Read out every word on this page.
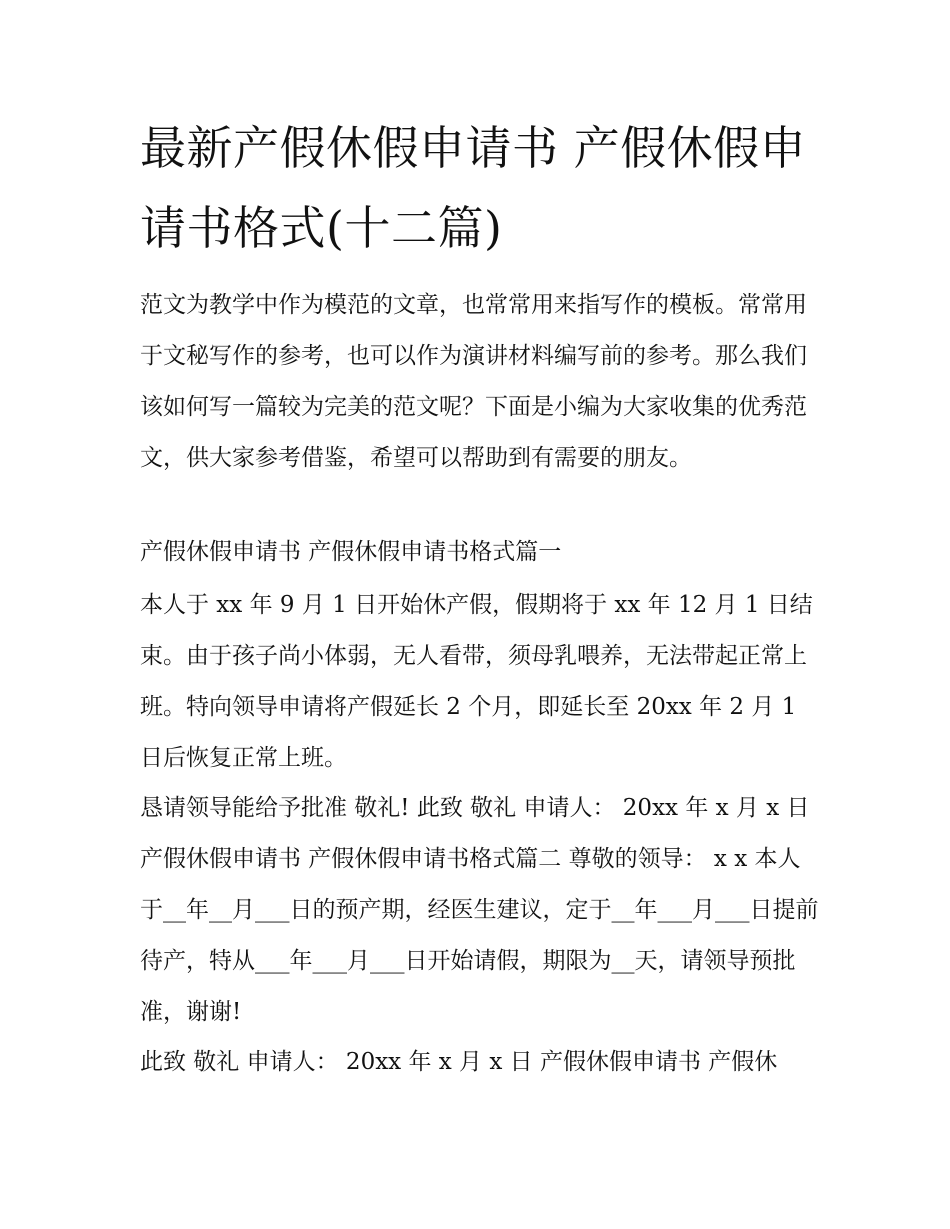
最新产假休假申请书 产假休假申请书格式(十二篇)

范文为教学中作为模范的文章，也常常用来指写作的模板。常常用于文秘写作的参考，也可以作为演讲材料编写前的参考。那么我们该如何写一篇较为完美的范文呢？下面是小编为大家收集的优秀范文，供大家参考借鉴，希望可以帮助到有需要的朋友。

产假休假申请书 产假休假申请书格式篇一

本人于 xx 年 9 月 1 日开始休产假，假期将于 xx 年 12 月 1 日结束。由于孩子尚小体弱，无人看带，须母乳喂养，无法带起正常上班。特向领导申请将产假延长 2 个月，即延长至 20xx 年 2 月 1 日后恢复正常上班。

恳请领导能给予批准 敬礼! 此致 敬礼 申请人： 20xx 年 x 月 x 日 产假休假申请书 产假休假申请书格式篇二 尊敬的领导： x x 本人于__年__月___日的预产期，经医生建议，定于__年___月___日提前待产，特从___年___月___日开始请假，期限为__天，请领导预批准，谢谢!

此致 敬礼 申请人： 20xx 年 x 月 x 日 产假休假申请书 产假休
